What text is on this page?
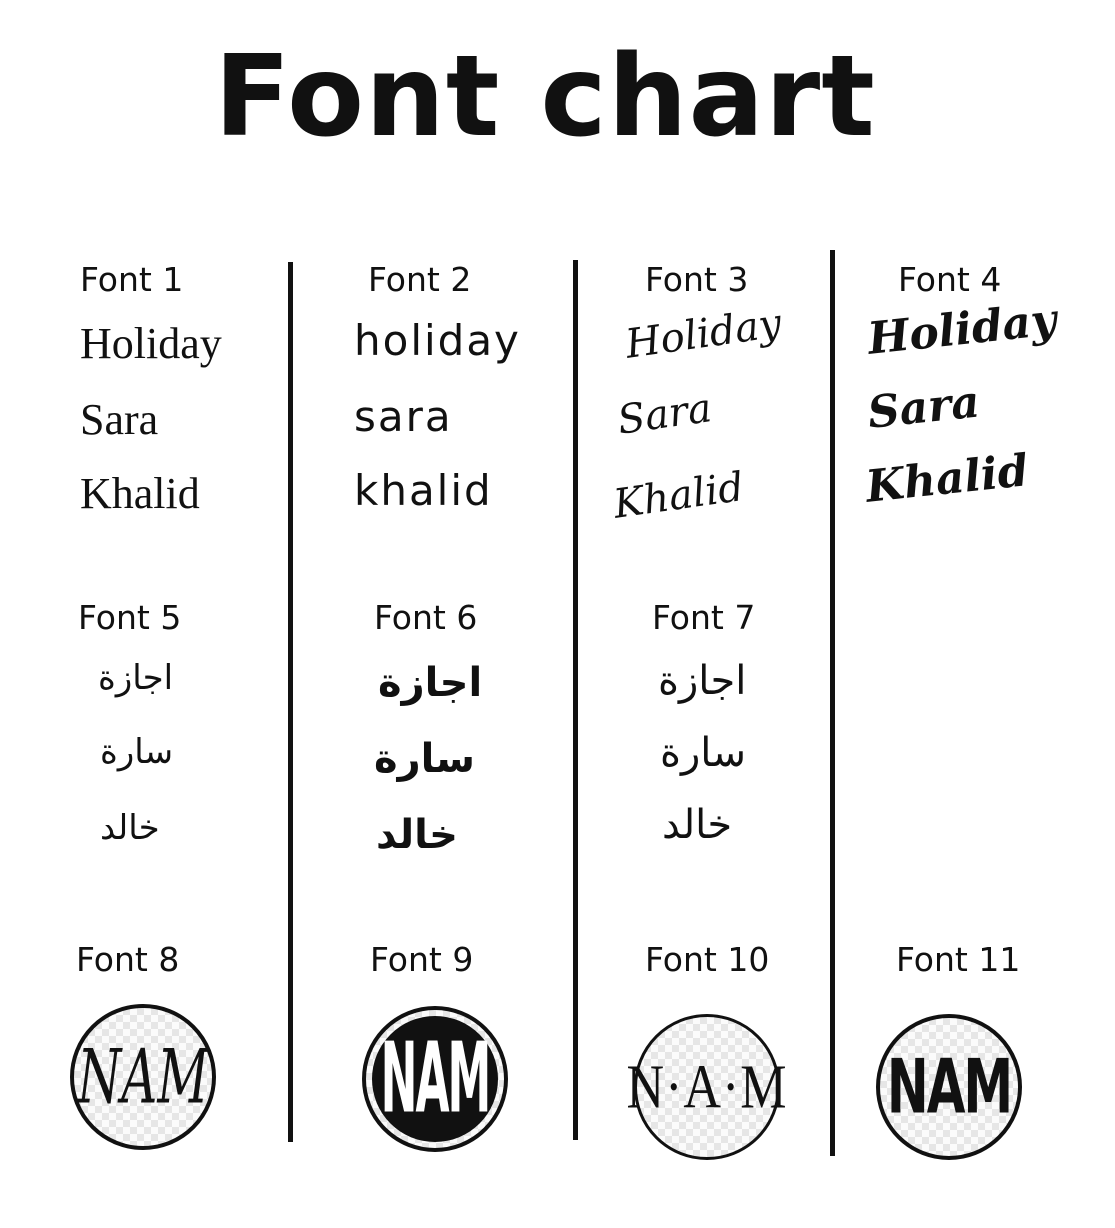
Font chart
Font 1
Holiday
Sara
Khalid
Font 2
holiday
sara
khalid
Font 3
Holiday
Sara
Khalid
Font 4
Holiday
Sara
Khalid
Font 5
اجازة
سارة
خالد
Font 6
اجازة
سارة
خالد
Font 7
اجازة
سارة
خالد
Font 8
NAM
Font 9
NAM
Font 10
N·A·M
Font 11
NAM
